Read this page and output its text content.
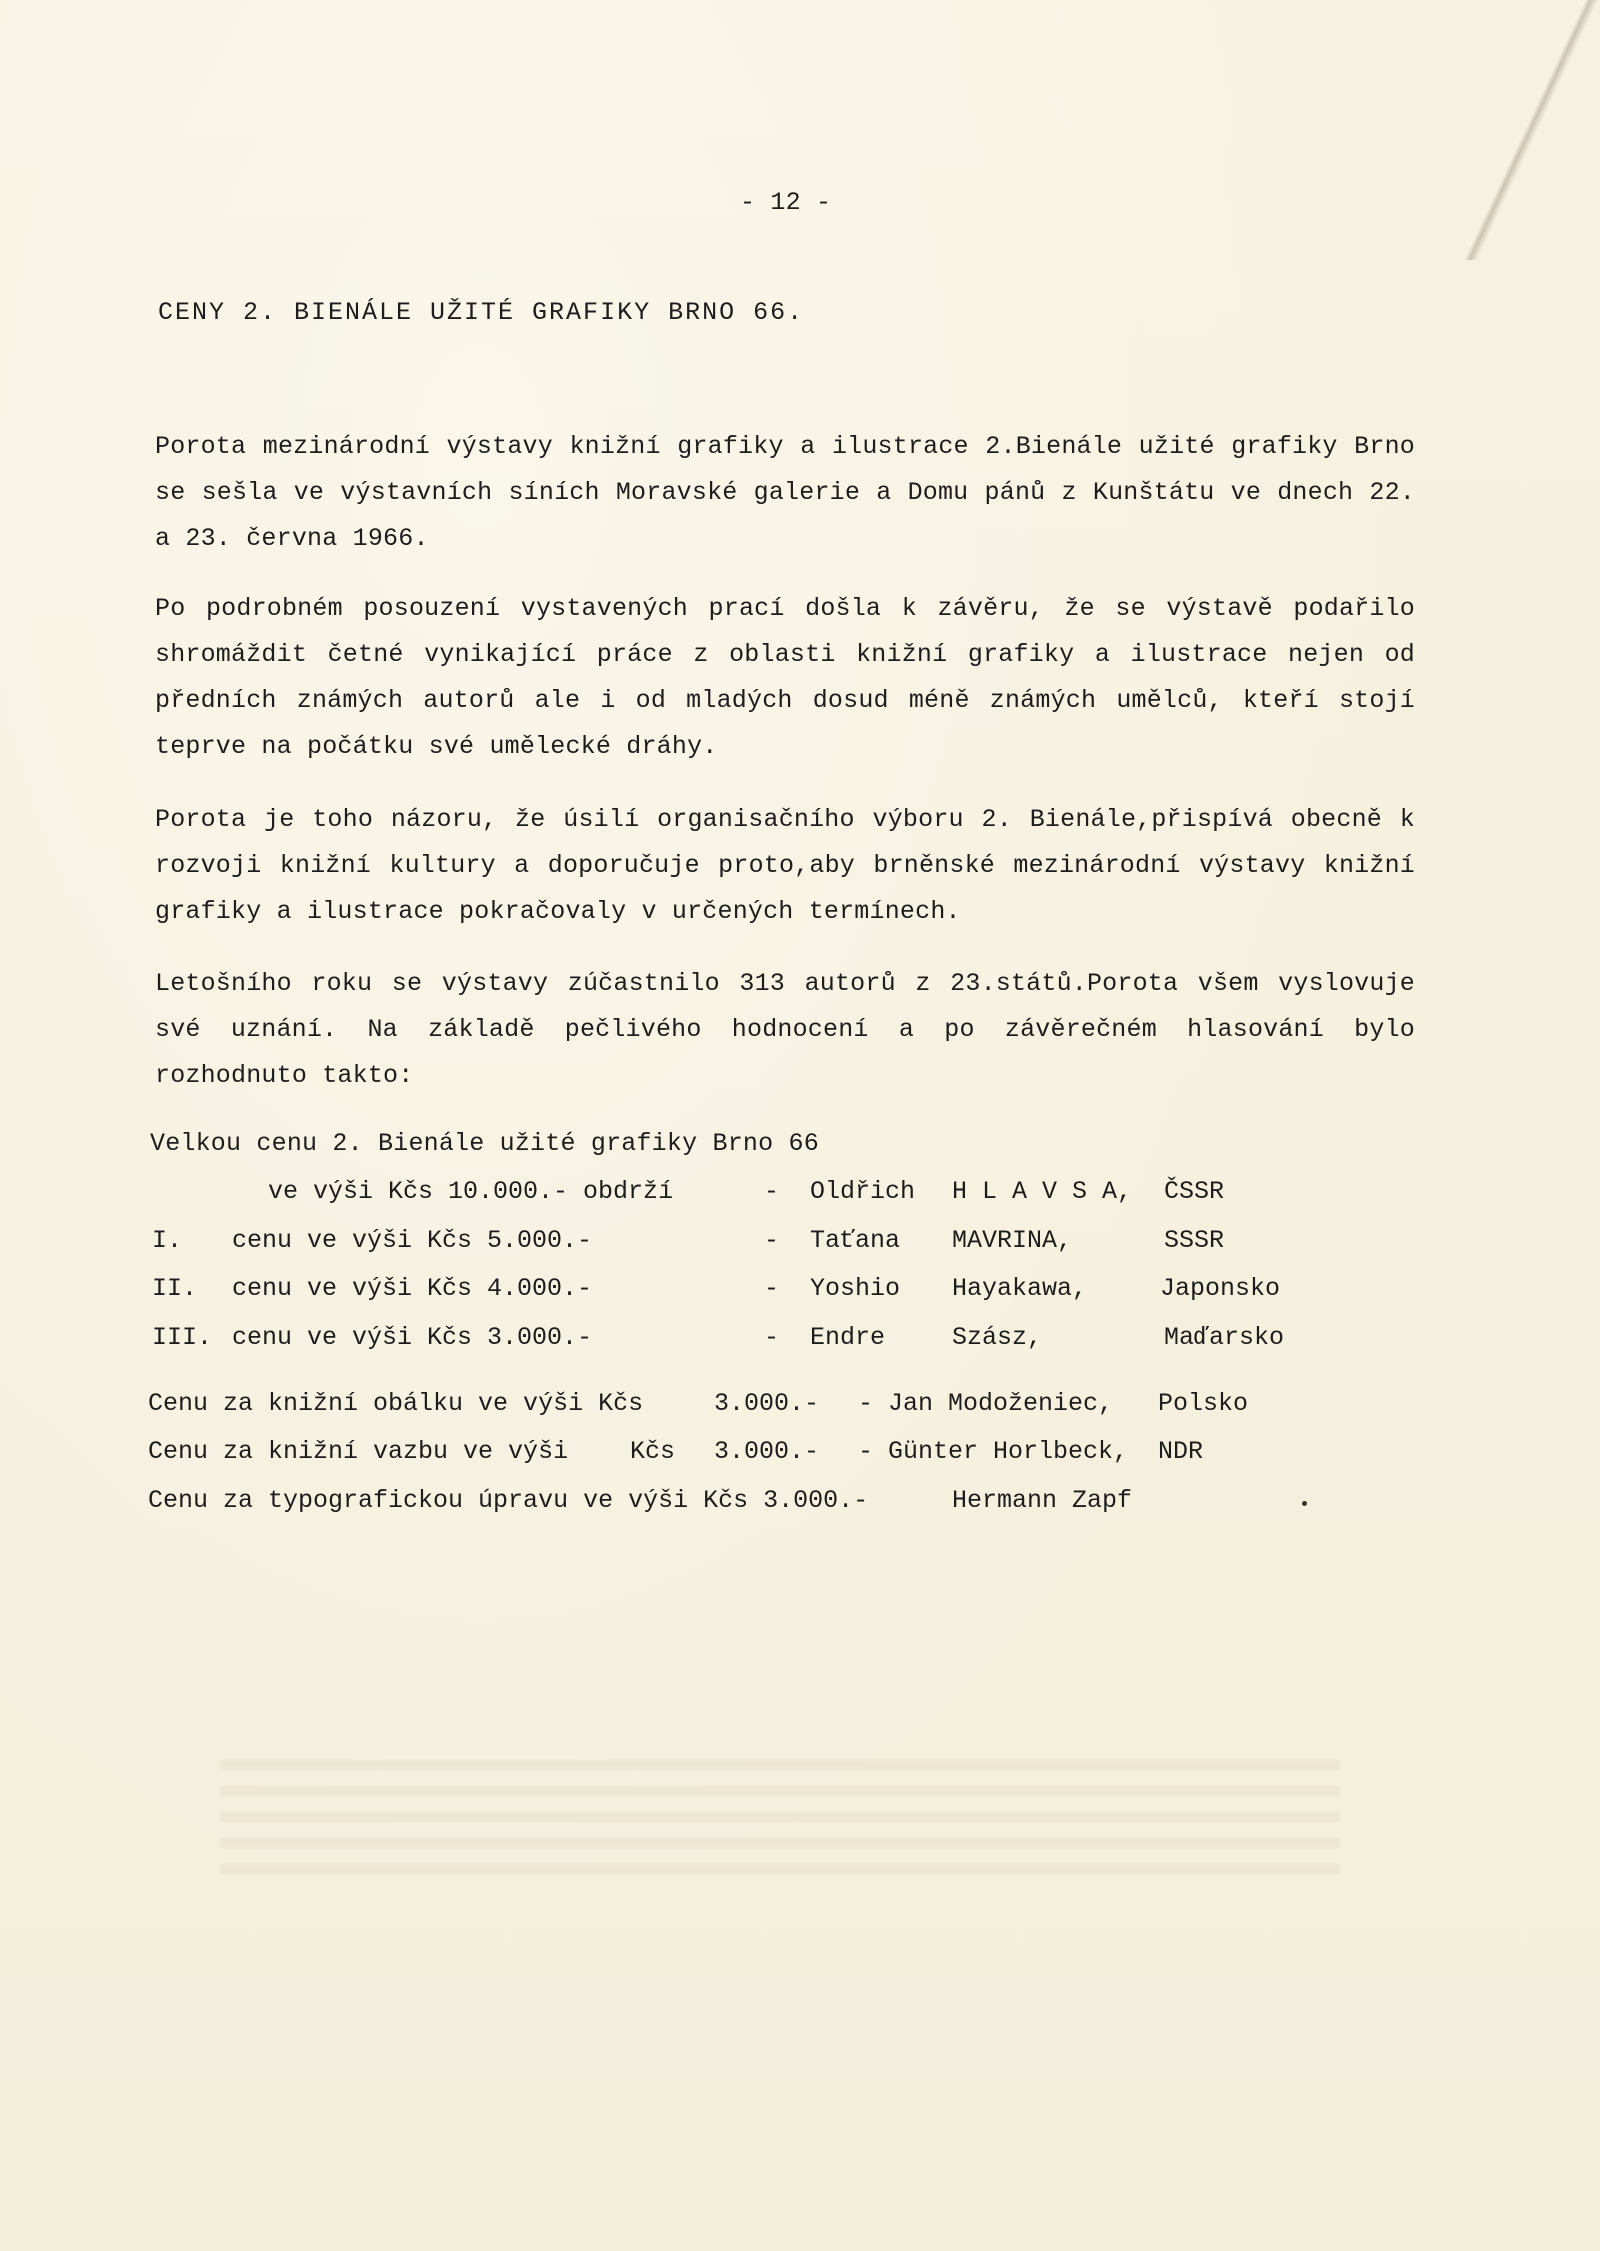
- 12 -
CENY 2. BIENÁLE UŽITÉ GRAFIKY BRNO 66.
Porota mezinárodní výstavy knižní grafiky a ilustrace 2.Bienále užité grafiky Brno se sešla ve výstavních síních Moravské galerie a Domu pánů z Kunštátu ve dnech 22. a 23. června 1966.
Po podrobném posouzení vystavených prací došla k závěru, že se výstavě podařilo shromáždit četné vynikající práce z oblasti knižní grafiky a ilustrace nejen od předních známých autorů ale i od mladých dosud méně známých umělců, kteří stojí teprve na počátku své umělecké dráhy.
Porota je toho názoru, že úsilí organisačního výboru 2. Bienále,přispívá obecně k rozvoji knižní kultury a doporučuje proto,aby brněnské mezinárodní výstavy knižní grafiky a ilustrace pokračovaly v určených termínech.
Letošního roku se výstavy zúčastnilo 313 autorů z 23.států.Porota všem vyslovuje své uznání. Na základě pečlivého hodnocení a po závěrečném hlasování bylo rozhodnuto takto:
Velkou cenu 2. Bienále užité grafiky Brno 66
ve výši Kčs 10.000.- obdrží	- Oldřich H L A V S A, ČSSR
I. cenu ve výši Kčs 5.000.-	- Taťana MAVRINA,	SSSR
II. cenu ve výši Kčs 4.000.-	- Yoshio Hayakawa,	Japonsko
III. cenu ve výši Kčs 3.000.-	- Endre	Szász,	Maďarsko
Cenu za knižní obálku ve výši Kčs	3.000.- - Jan Modoženiec, Polsko
Cenu za knižní vazbu ve výši Kčs 3.000.- - Günter Horlbeck, NDR
Cenu za typografickou úpravu ve výši Kčs 3.000.-	Hermann Zapf
